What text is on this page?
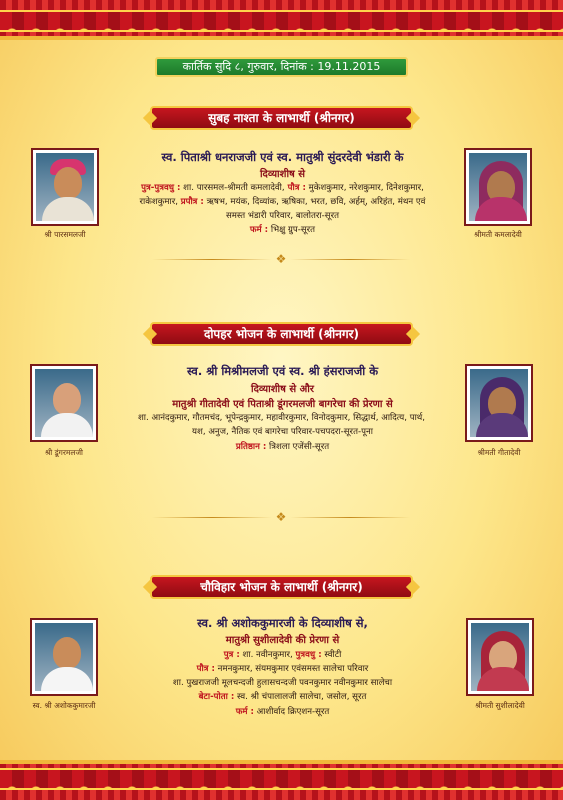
कार्तिक सुदि ८, गुरुवार, दिनांक : 19.11.2015
सुबह नाश्ता के लाभार्थी (श्रीनगर)
श्री पारसमलजी	श्रीमती कमलादेवी
स्व. पिताश्री धनराजजी एवं स्व. मातुश्री सुंदरदेवी भंडारी के
दिव्याशीष से
पुत्र-पुत्रवधु : शा. पारसमल-श्रीमती कमलादेवी, पौत्र : मुकेशकुमार, नरेशकुमार, दिनेशकुमार,
राकेशकुमार, प्रपौत्र : ऋषभ, मयंक, दिव्यांक, ऋषिका, भरत, छवि, अर्हम्, अरिहंत, मंथन एवं
समस्त भंडारी परिवार, बालोतरा-सूरत
फर्म : भिक्षु ग्रुप-सूरत
❖
दोपहर भोजन के लाभार्थी (श्रीनगर)
श्री डूंगरमलजी	श्रीमती गीतादेवी
स्व. श्री मिश्रीमलजी एवं स्व. श्री हंसराजजी के
दिव्याशीष से और
मातुश्री गीतादेवी एवं पिताश्री डूंगरमलजी बागरेचा की प्रेरणा से
शा. आनंदकुमार, गौतमचंद, भूपेन्द्रकुमार, महावीरकुमार, विनोदकुमार, सिद्धार्थ, आदित्य, पार्थ,
यश, अनुज, नैतिक एवं बागरेचा परिवार-पचपदरा-सूरत-पूना
प्रतिष्ठान : त्रिशला एजेंसी-सूरत
❖
चौविहार भोजन के लाभार्थी (श्रीनगर)
स्व. श्री अशोककुमारजी	श्रीमती सुशीलादेवी
स्व. श्री अशोककुमारजी के दिव्याशीष से,
मातुश्री सुशीलादेवी की प्रेरणा से
पुत्र : शा. नवीनकुमार, पुत्रवधु : स्वीटी
पौत्र : नमनकुमार, संयमकुमार एवंसमस्त सालेचा परिवार
शा. पुखराजजी मूलचन्दजी हुलासचन्दजी पवनकुमार नवीनकुमार सालेचा
बेटा-पोता : स्व. श्री चंपालालजी सालेचा, जसोल, सूरत
फर्म : आशीर्वाद क्रिएशन-सूरत
